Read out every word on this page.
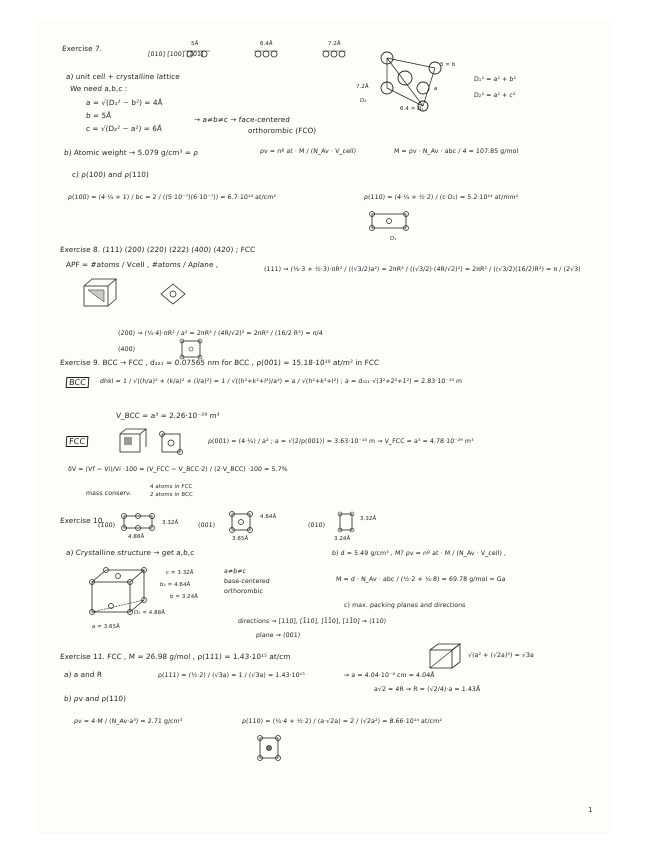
Exercise 7.
[010] [100] [101]
5Å	6.4Å	7.2Å
a) unit cell + crystalline lattice
We need a,b,c :
a = √(D₁² − b²) = 4Å
b = 5Å
c = √(D₂² − a²) = 6Å
→ a≠b≠c → face-centered
orthorombic (FCO)
5 = b
a
7.2Å
D₂
6.4 = D₁
D₁² = a² + b²
D₂² = a² + c²
b) Atomic weight → 5.079 g/cm³ = ρ	ρv = nº at · M / (N_Av · V_cell)	M = ρv · N_Av · abc / 4 = 107.85 g/mol
c) ρ(100) and ρ(110)
ρ(100) = (4·¼ + 1) / bc = 2 / ((5·10⁻⁷)(6·10⁻⁷)) = 6.7·10¹⁴ at/cm²	ρ(110) = (4·¼ + ½·2) / (c·D₁) = 5.2·10¹⁴ at/mm²
D₁
Exercise 8. (111) (200) (220) (222) (400) (420) ; FCC
APF = #atoms / Vcell , #atoms / Aplane ,
(111) → (⅙·3 + ½·3)·πR² / ((√3/2)a²) = 2πR² / ((√3/2)·(4R/√2)²) = 2πR² / ((√3/2)(16/2)R²) = π / (2√3)
(200) → (¼·4)·πR² / a² = 2πR² / (4R/√2)² = 2πR² / (16/2 R²) = π/4
(400)
Exercise 9. BCC → FCC , d₃₂₁ = 0.07565 nm for BCC , ρ(001) = 15.18·10¹⁸ at/m² in FCC
BCC	dhkl = 1 / √((h/a)² + (k/a)² + (l/a)²) = 1 / √((h²+k²+l²)/a²) = a / √(h²+k²+l²) ; a = d₃₂₁·√(3²+2²+1²) = 2.83·10⁻¹⁰ m
V_BCC = a³ = 2.26·10⁻²⁹ m³
FCC	ρ(001) = (4·¼) / a² ; a = √(2/ρ(001)) = 3.63·10⁻¹⁰ m → V_FCC = a³ = 4.78·10⁻²⁹ m³
δV = (Vf − Vi)/Vi ·100 = (V_FCC − V_BCC·2) / (2·V_BCC) ·100 = 5.7%
4 atoms in FCC
2 atoms in BCC
mass conserv.
Exercise 10.
(100)	3.32Å
4.88Å
(001)
4.64Å
3.65Å
(010)
3.32Å
3.24Å
a) Crystalline structure → get a,b,c
c = 3.32Å
b₂ = 4.64Å
b = 3.24Å
D₁ = 4.88Å
a = 3.65Å
a≠b≠c
base-centered
orthorombic
b) d = 5.49 g/cm³ , M? ρv = nº at · M / (N_Av · V_cell) ,
M = d · N_Av · abc / (½·2 + ¼·8) = 69.78 g/mol ≈ Ga
c) max. packing planes and directions
directions → [110], [1̄10], [1̄1̄0], [11̄0] → ⟨110⟩
plane → (001)
Exercise 11. FCC , M = 26.98 g/mol , ρ(111) = 1.43·10¹⁵ at/cm	√(a² + (√2a)²) = √3a
a) a and R	ρ(111) = (½·2) / (√3a) = 1 / (√3a) = 1.43·10¹⁵	→ a = 4.04·10⁻⁸ cm = 4.04Å
a√2 = 4R → R = (√2/4)·a = 1.43Å
b) ρv and ρ(110)
ρv = 4·M / (N_Av·a³) = 2.71 g/cm³	ρ(110) = (¼·4 + ½·2) / (a·√2a) = 2 / (√2a²) = 8.66·10¹⁴ at/cm²
1
